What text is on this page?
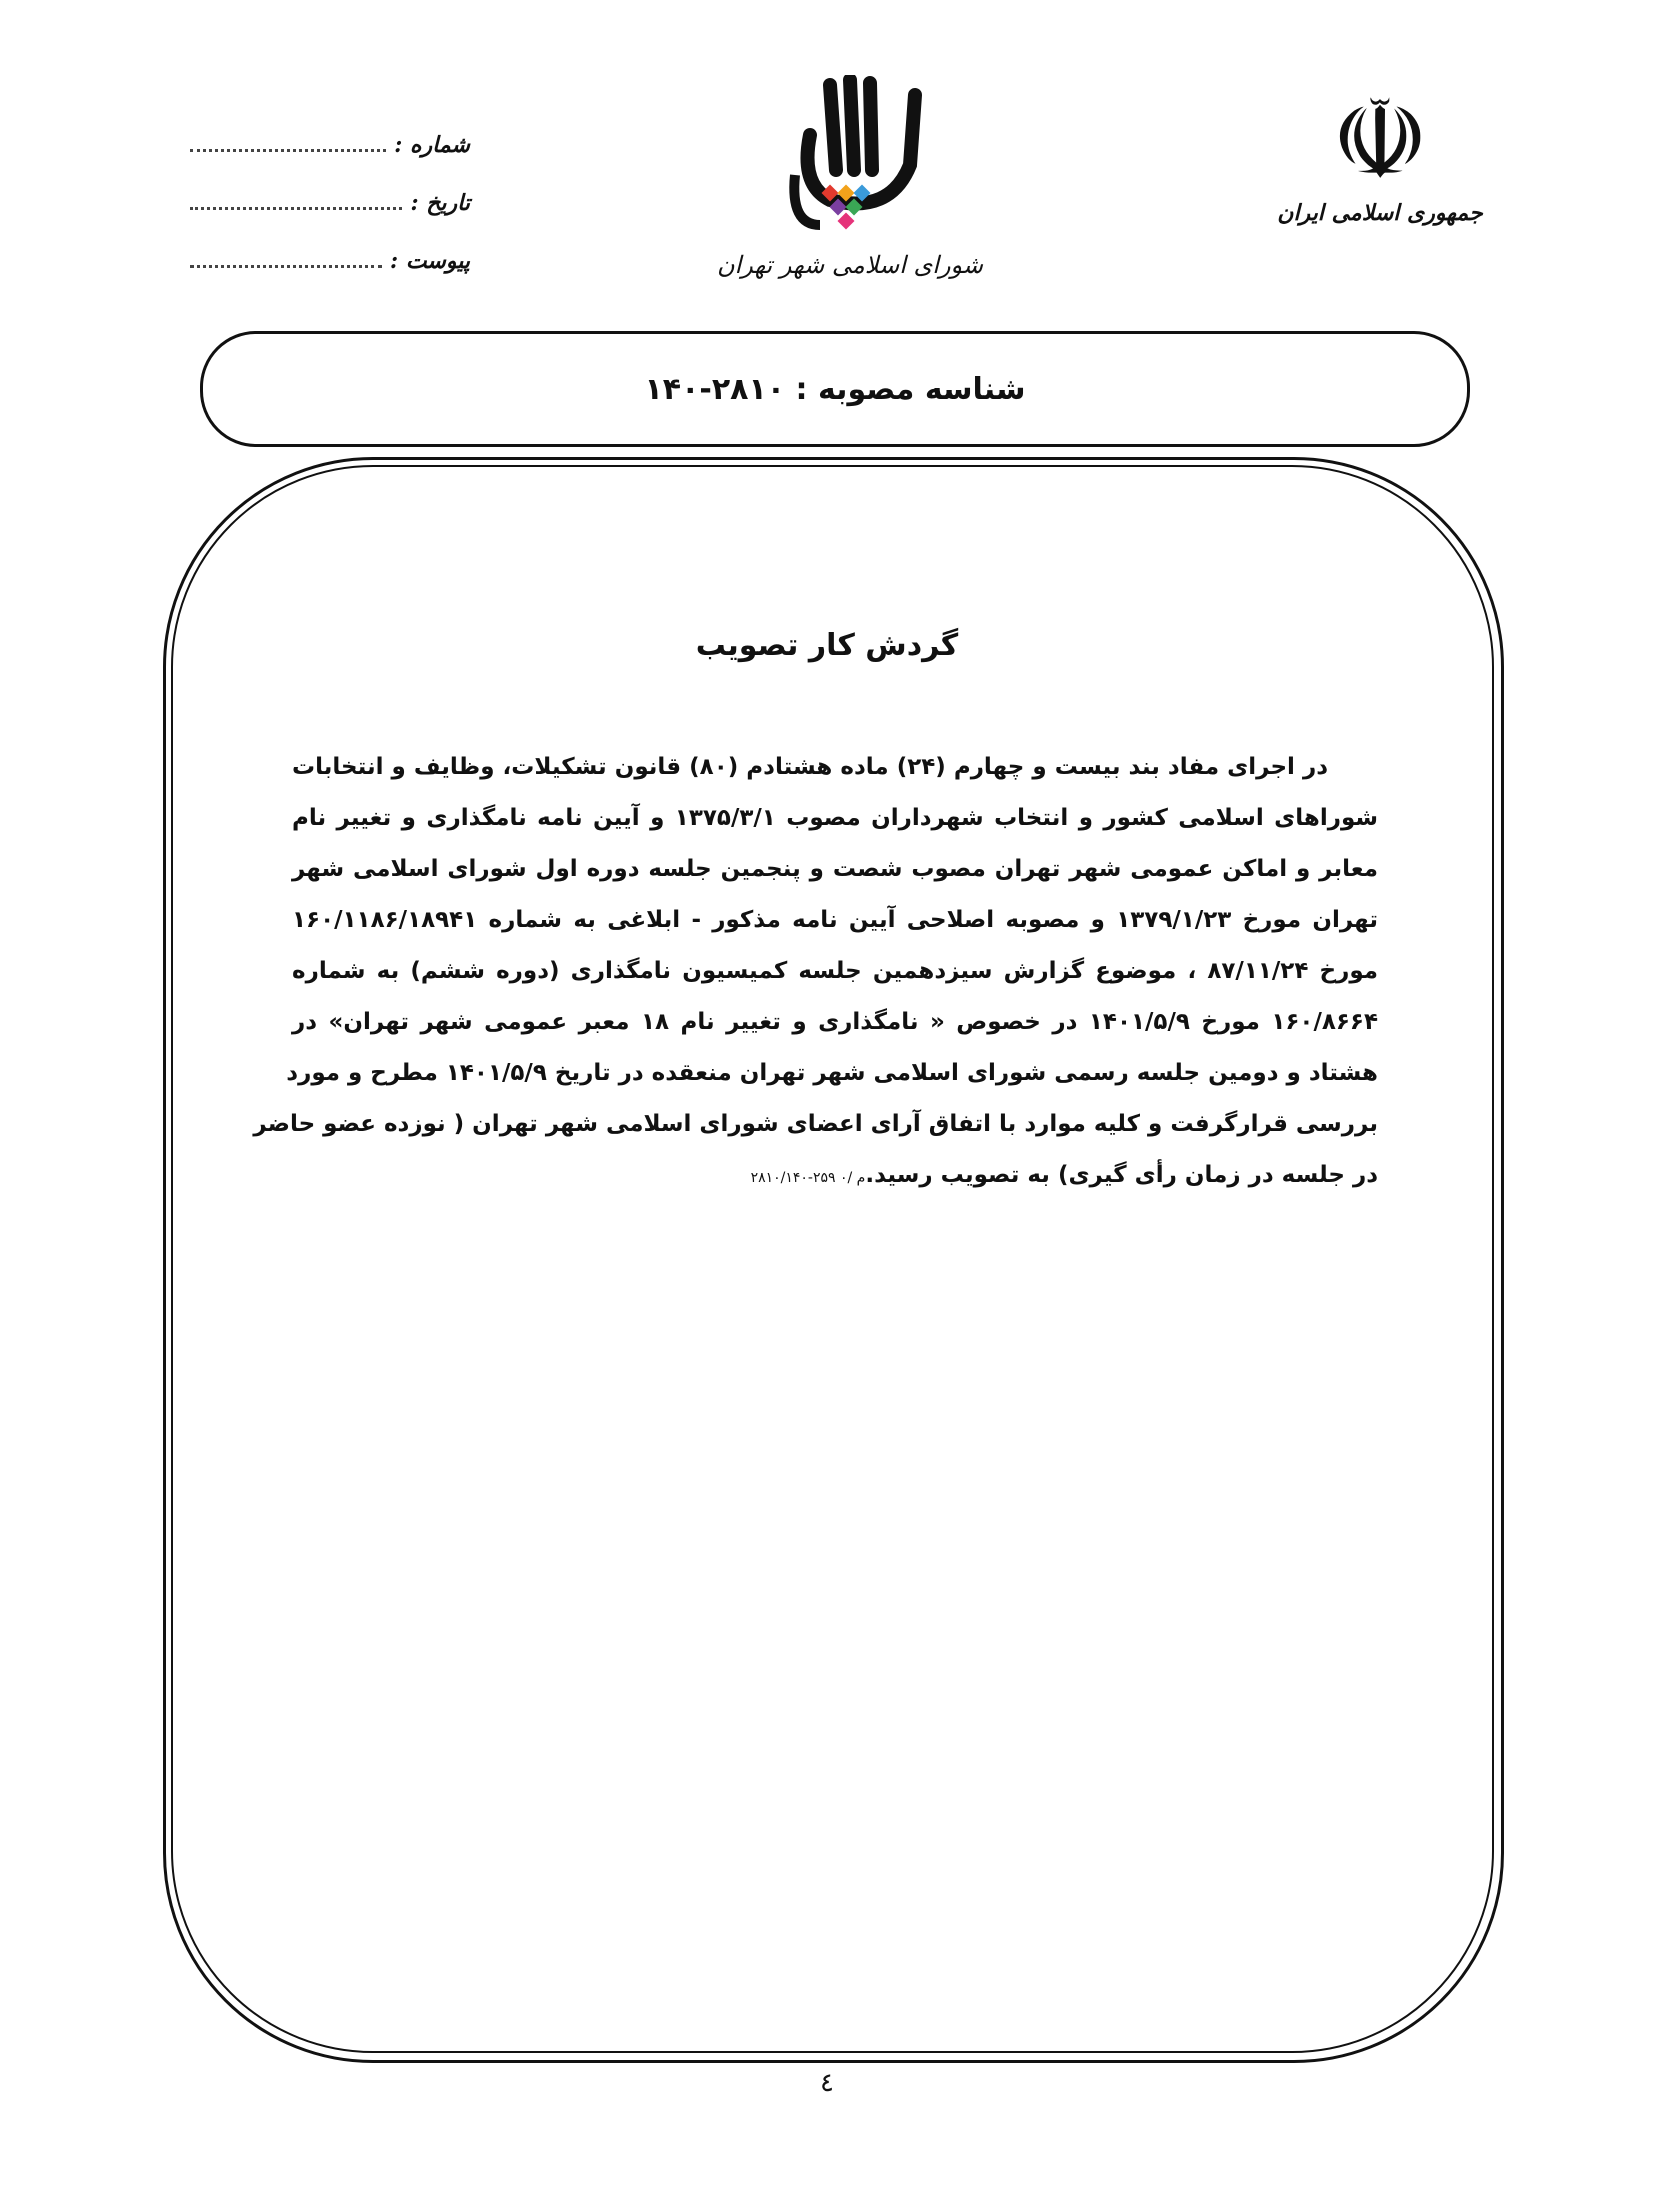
شماره :
تاریخ :
پیوست :	شورای اسلامی شهر تهران
☫
جمهوری اسلامی ایران
شناسه مصوبه : ۲۸۱۰-۱۴۰
گردش کار تصویب
در اجرای مفاد بند بیست و چهارم (۲۴) ماده هشتادم (۸۰) قانون تشکیلات، وظایف و انتخابات
شوراهای اسلامی کشور و انتخاب شهرداران مصوب ۱۳۷۵/۳/۱ و آیین نامه نامگذاری و تغییر نام
معابر و اماکن عمومی شهر تهران مصوب شصت و پنجمین جلسه دوره اول شورای اسلامی شهر
تهران مورخ ۱۳۷۹/۱/۲۳ و مصوبه اصلاحی آیین نامه مذکور - ابلاغی به شماره ۱۶۰/۱۱۸۶/۱۸۹۴۱
مورخ ۸۷/۱۱/۲۴ ، موضوع گزارش سیزدهمین جلسه کمیسیون نامگذاری (دوره ششم) به شماره
۱۶۰/۸۶۶۴ مورخ ۱۴۰۱/۵/۹ در خصوص « نامگذاری و تغییر نام ۱۸ معبر عمومی شهر تهران» در
هشتاد و دومین جلسه رسمی شورای اسلامی شهر تهران منعقده در تاریخ ۱۴۰۱/۵/۹ مطرح و مورد
بررسی قرارگرفت و کلیه موارد با اتفاق آرای اعضای شورای اسلامی شهر تهران ( نوزده عضو حاضر
در جلسه در زمان رأی گیری) به تصویب رسید.۲۸۱۰/۱۴۰-۲۵۹ م /۰
٤
